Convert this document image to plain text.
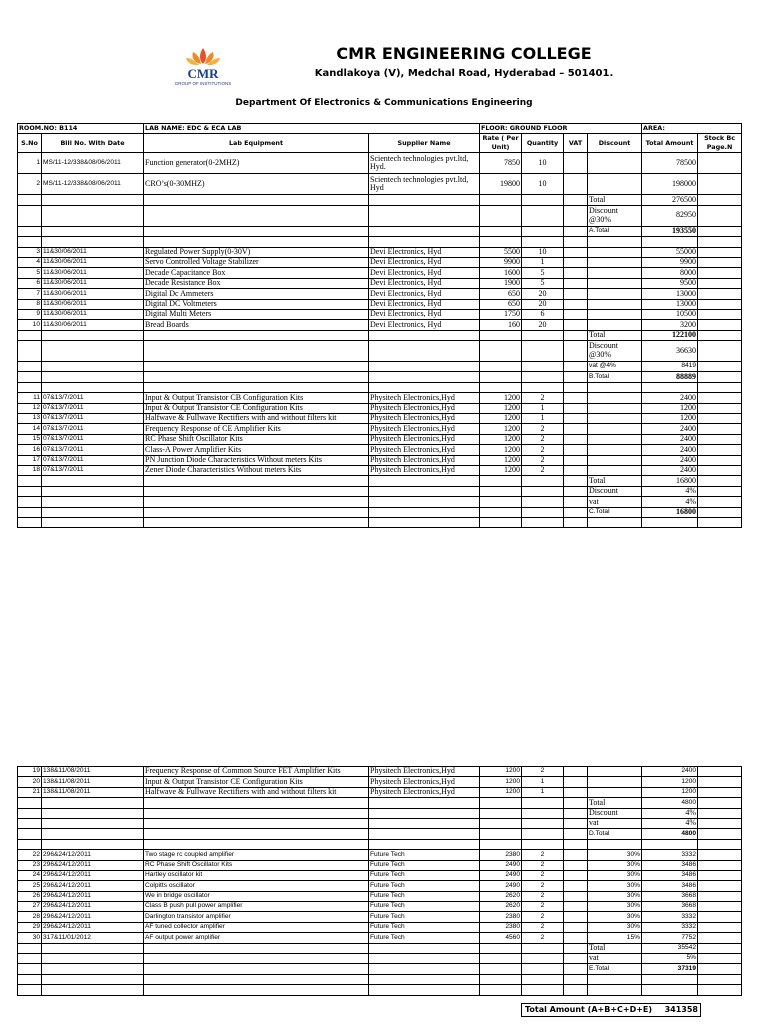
CMR
GROUP OF INSTITUTIONS
CMR ENGINEERING COLLEGE
Kandlakoya (V), Medchal Road, Hyderabad – 501401.
Department Of Electronics & Communications Engineering
ROOM.NO: B114		LAB NAME: EDC & ECA LAB		FLOOR: GROUND FLOOR				AREA:	
S.No	Bill No. With Date	Lab Equipment	Supplier Name	Rate ( Per Unit)	Quantity	VAT	Discount	Total Amount	Stock Bc Page.N
1	MS/11-12/338&08/06/2011	Function generator(0-2MHZ)	Scientech technologies pvt.ltd, Hyd.	7850	10			78500	
2	MS/11-12/338&08/06/2011	CRO’s(0-30MHZ)	Scientech technologies pvt.ltd, Hyd	19800	10			198000	
							Total	276500	
							Discount @30%	82950	
							A.Total	193550	

3	11&30/06/2011	Regulated Power Supply(0-30V)	Devi Electronics, Hyd	5500	10			55000	
4	11&30/06/2011	Servo Controlled Voltage Stabilizer	Devi Electronics, Hyd	9900	1			9900	
5	11&30/06/2011	Decade Capacitance Box	Devi Electronics, Hyd	1600	5			8000	
6	11&30/06/2011	Decade Resistance Box	Devi Electronics, Hyd	1900	5			9500	
7	11&30/06/2011	Digital Dc Ammeters	Devi Electronics, Hyd	650	20			13000	
8	11&30/06/2011	Digital DC Voltmeters	Devi Electronics, Hyd	650	20			13000	
9	11&30/06/2011	Digital Multi Meters	Devi Electronics, Hyd	1750	6			10500	
10	11&30/06/2011	Bread Boards	Devi Electronics, Hyd	160	20			3200	
							Total	122100	
							Discount @30%	36630	
							vat @4%	8419	
							B.Total	88889	

11	07&13/7/2011	Input & Output Transistor CB Configuration Kits	Physitech Electronics,Hyd	1200	2			2400	
12	07&13/7/2011	Input & Output Transistor CE Configuration Kits	Physitech Electronics,Hyd	1200	1			1200	
13	07&13/7/2011	Halfwave & Fullwave Rectifiers with and without filters kit	Physitech Electronics,Hyd	1200	1			1200	
14	07&13/7/2011	Frequency Response of CE Amplifier Kits	Physitech Electronics,Hyd	1200	2			2400	
15	07&13/7/2011	RC Phase Shift Oscillator Kits	Physitech Electronics,Hyd	1200	2			2400	
16	07&13/7/2011	Class-A Power Amplifier Kits	Physitech Electronics,Hyd	1200	2			2400	
17	07&13/7/2011	PN Junction Diode Characteristics Without meters Kits	Physitech Electronics,Hyd	1200	2			2400	
18	07&13/7/2011	Zener Diode Characteristics Without meters Kits	Physitech Electronics,Hyd	1200	2			2400	
							Total	16800	
							Discount	4%	
							vat	4%	
							C.Total	16800	

19	138&11/08/2011	Frequency Response of Common Source FET Amplifier Kits	Physitech Electronics,Hyd	1200	2			2400	
20	138&11/08/2011	Input & Output Transistor CE Configuration Kits	Physitech Electronics,Hyd	1200	1			1200	
21	138&11/08/2011	Halfwave & Fullwave Rectifiers with and without filters kit	Physitech Electronics,Hyd	1200	1			1200	
							Total	4800	
							Discount	4%	
							vat	4%	
							D.Total	4800	

22	296&24/12/2011	Two stage rc coupled amplifier	Future Tech	2380	2		30%	3332	
23	296&24/12/2011	RC Phase Shift Oscillator Kits	Future Tech	2490	2		30%	3486	
24	296&24/12/2011	Hartley oscillator kit	Future Tech	2490	2		30%	3486	
25	296&24/12/2011	Colpitts oscillator	Future Tech	2490	2		30%	3486	
26	296&24/12/2011	We in bridge oscillator	Future Tech	2620	2		30%	3668	
27	296&24/12/2011	Class B push pull power amplifier	Future Tech	2620	2		30%	3668	
28	296&24/12/2011	Darlington transistor amplifier	Future Tech	2380	2		30%	3332	
29	296&24/12/2011	AF tuned collector amplifier	Future Tech	2380	2		30%	3332	
30	317&11/01/2012	AF output power amplifier	Future Tech	4560	2		15%	7752	
							Total	35542	
							vat	5%	
							E.Total	37319	

Total Amount (A+B+C+D+E) 341358
